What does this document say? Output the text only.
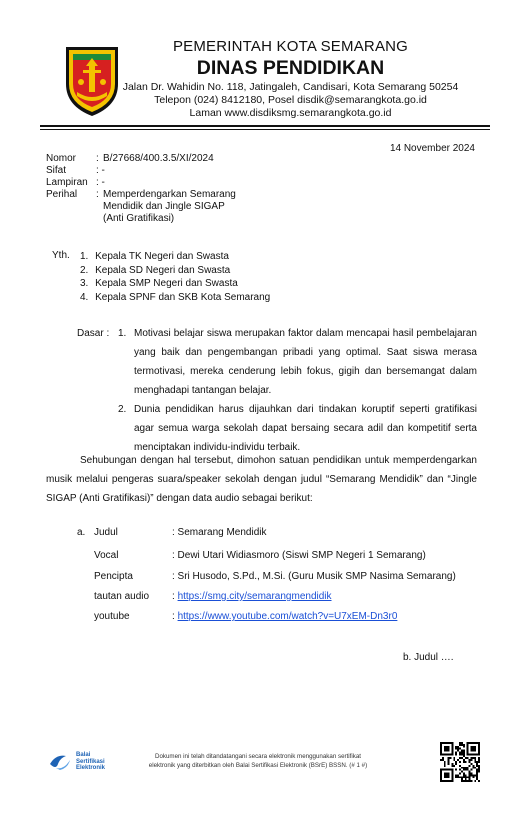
PEMERINTAH KOTA SEMARANG
DINAS PENDIDIKAN
Jalan Dr. Wahidin No. 118, Jatingaleh, Candisari, Kota Semarang 50254
Telepon (024) 8412180, Posel disdik@semarangkota.go.id
Laman www.disdiksmg.semarangkota.go.id
14 November 2024
Nomor : B/27668/400.3.5/XI/2024
Sifat	: -
Lampiran : -
Perihal : Memperdengarkan Semarang
Mendidik dan Jingle SIGAP
(Anti Gratifikasi)
Yth. 1. Kepala TK Negeri dan Swasta
2. Kepala SD Negeri dan Swasta
3. Kepala SMP Negeri dan Swasta
4. Kepala SPNF dan SKB Kota Semarang
Dasar : 1. Motivasi belajar siswa merupakan faktor dalam mencapai hasil pembelajaran yang baik dan pengembangan pribadi yang optimal. Saat siswa merasa termotivasi, mereka cenderung lebih fokus, gigih dan bersemangat dalam menghadapi tantangan belajar.
2. Dunia pendidikan harus dijauhkan dari tindakan koruptif seperti gratifikasi agar semua warga sekolah dapat bersaing secara adil dan kompetitif serta menciptakan individu-individu terbaik.
Sehubungan dengan hal tersebut, dimohon satuan pendidikan untuk memperdengarkan musik melalui pengeras suara/speaker sekolah dengan judul “Semarang Mendidik” dan “Jingle SIGAP (Anti Gratifikasi)” dengan data audio sebagai berikut:
a. Judul	: Semarang Mendidik
Vocal	: Dewi Utari Widiasmoro (Siswi SMP Negeri 1 Semarang)
Pencipta	: Sri Husodo, S.Pd., M.Si. (Guru Musik SMP Nasima Semarang)
tautan audio : https://smg.city/semarangmendidik
youtube	: https://www.youtube.com/watch?v=U7xEM-Dn3r0
b. Judul ….
Balai
Sertifikasi
Elektronik
Dokumen ini telah ditandatangani secara elektronik menggunakan sertifikat
elektronik yang diterbitkan oleh Balai Sertifikasi Elektronik (BSrE) BSSN. (# 1 #)
